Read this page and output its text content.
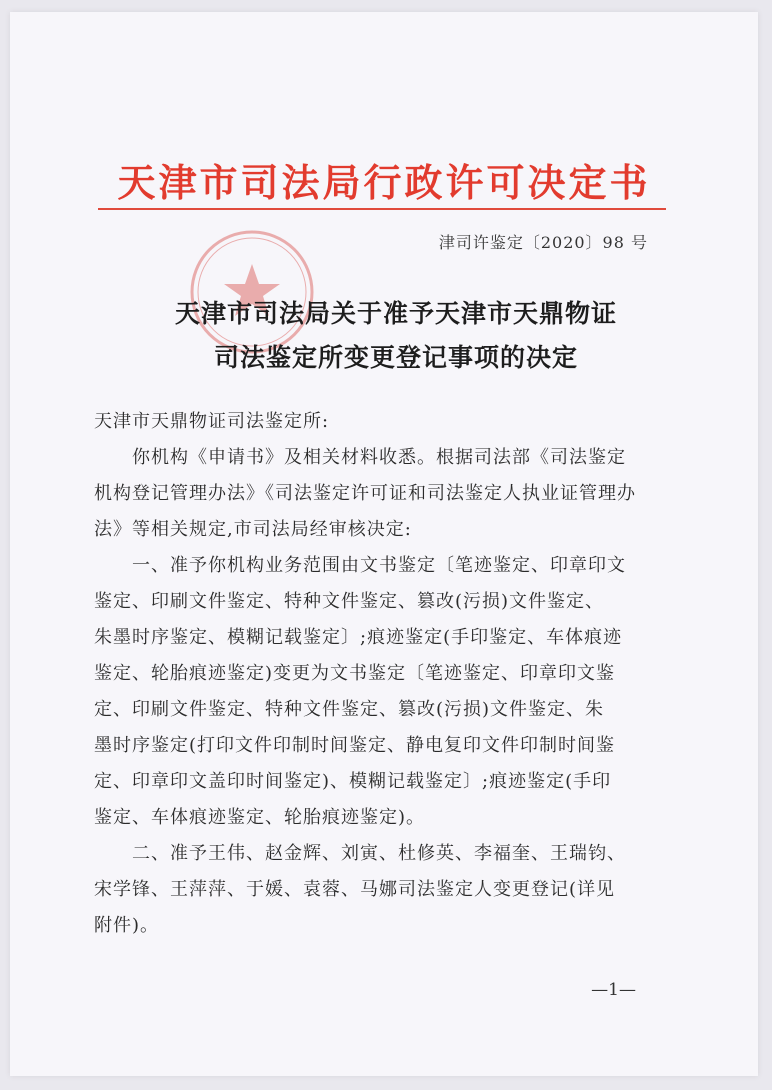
天津市司法局行政许可决定书
津司许鉴定〔2020〕98 号
天津市司法局关于准予天津市天鼎物证
司法鉴定所变更登记事项的决定
天津市天鼎物证司法鉴定所:
你机构《申请书》及相关材料收悉。根据司法部《司法鉴定
机构登记管理办法》《司法鉴定许可证和司法鉴定人执业证管理办
法》等相关规定,市司法局经审核决定:
一、准予你机构业务范围由文书鉴定〔笔迹鉴定、印章印文
鉴定、印刷文件鉴定、特种文件鉴定、篡改(污损)文件鉴定、
朱墨时序鉴定、模糊记载鉴定〕;痕迹鉴定(手印鉴定、车体痕迹
鉴定、轮胎痕迹鉴定)变更为文书鉴定〔笔迹鉴定、印章印文鉴
定、印刷文件鉴定、特种文件鉴定、篡改(污损)文件鉴定、朱
墨时序鉴定(打印文件印制时间鉴定、静电复印文件印制时间鉴
定、印章印文盖印时间鉴定)、模糊记载鉴定〕;痕迹鉴定(手印
鉴定、车体痕迹鉴定、轮胎痕迹鉴定)。
二、准予王伟、赵金辉、刘寅、杜修英、李福奎、王瑞钧、
宋学锋、王萍萍、于媛、袁蓉、马娜司法鉴定人变更登记(详见
附件)。
—1—
